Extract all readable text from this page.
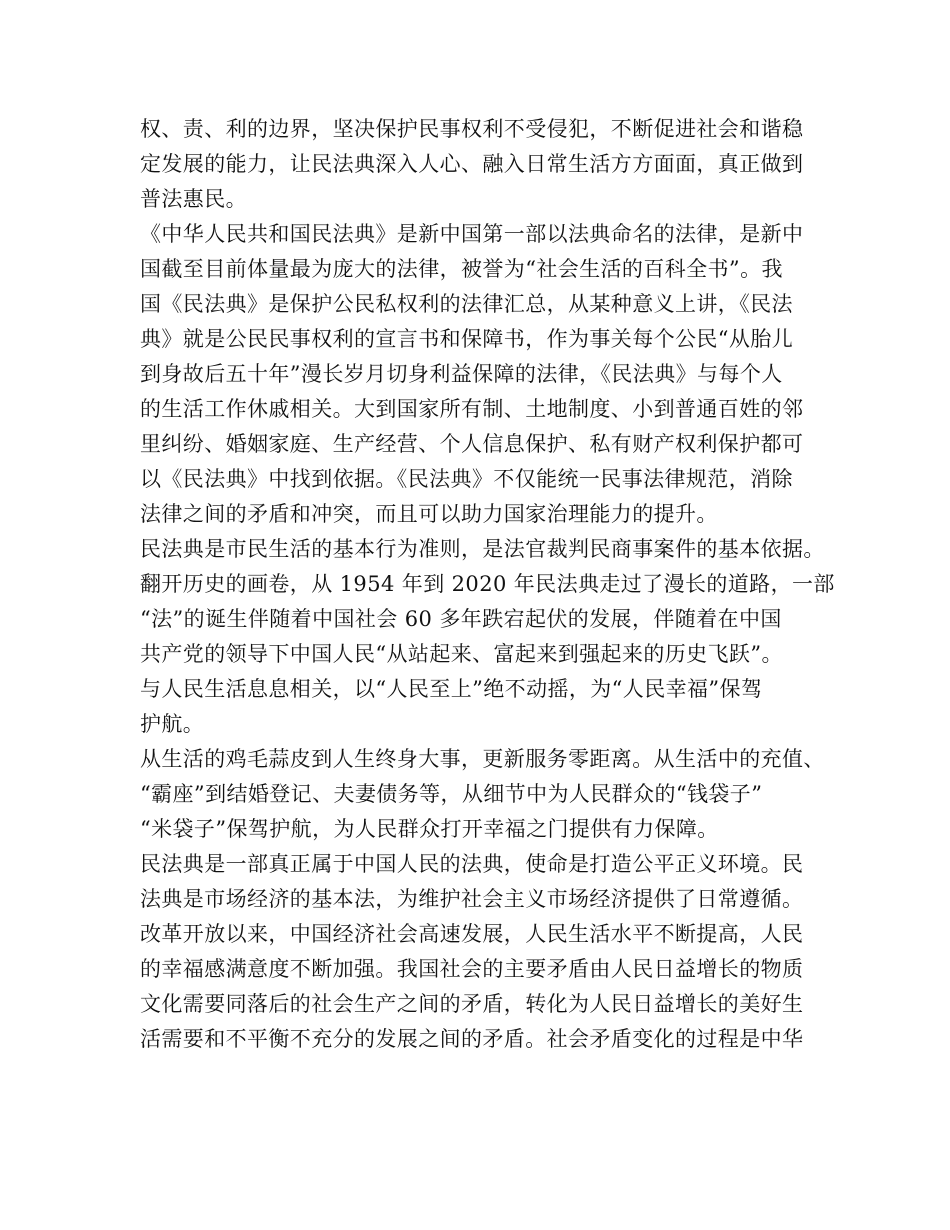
权、责、利的边界，坚决保护民事权利不受侵犯，不断促进社会和谐稳
定发展的能力，让民法典深入人心、融入日常生活方方面面，真正做到
普法惠民。
《中华人民共和国民法典》是新中国第一部以法典命名的法律，是新中
国截至目前体量最为庞大的法律，被誉为“社会生活的百科全书”。我
国《民法典》是保护公民私权利的法律汇总，从某种意义上讲，《民法
典》就是公民民事权利的宣言书和保障书，作为事关每个公民“从胎儿
到身故后五十年”漫长岁月切身利益保障的法律，《民法典》与每个人
的生活工作休戚相关。大到国家所有制、土地制度、小到普通百姓的邻
里纠纷、婚姻家庭、生产经营、个人信息保护、私有财产权利保护都可
以《民法典》中找到依据。《民法典》不仅能统一民事法律规范，消除
法律之间的矛盾和冲突，而且可以助力国家治理能力的提升。
民法典是市民生活的基本行为准则，是法官裁判民商事案件的基本依据。
翻开历史的画卷，从 1954 年到 2020 年民法典走过了漫长的道路，一部
“法”的诞生伴随着中国社会 60 多年跌宕起伏的发展，伴随着在中国
共产党的领导下中国人民“从站起来、富起来到强起来的历史飞跃”。
与人民生活息息相关，以“人民至上”绝不动摇，为“人民幸福”保驾
护航。
从生活的鸡毛蒜皮到人生终身大事，更新服务零距离。从生活中的充值、
“霸座”到结婚登记、夫妻债务等，从细节中为人民群众的“钱袋子”
“米袋子”保驾护航，为人民群众打开幸福之门提供有力保障。
民法典是一部真正属于中国人民的法典，使命是打造公平正义环境。民
法典是市场经济的基本法，为维护社会主义市场经济提供了日常遵循。
改革开放以来，中国经济社会高速发展，人民生活水平不断提高，人民
的幸福感满意度不断加强。我国社会的主要矛盾由人民日益增长的物质
文化需要同落后的社会生产之间的矛盾，转化为人民日益增长的美好生
活需要和不平衡不充分的发展之间的矛盾。社会矛盾变化的过程是中华
